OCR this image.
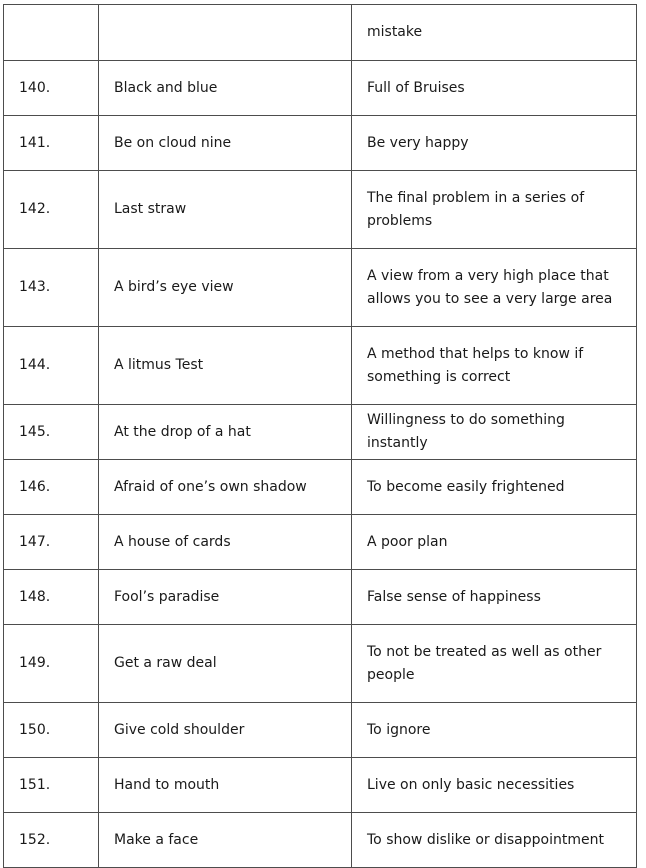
		mistake
140.	Black and blue	Full of Bruises
141.	Be on cloud nine	Be very happy
142.	Last straw	The final problem in a series of problems
143.	A bird’s eye view	A view from a very high place that allows you to see a very large area
144.	A litmus Test	A method that helps to know if something is correct
145.	At the drop of a hat	Willingness to do something instantly
146.	Afraid of one’s own shadow	To become easily frightened
147.	A house of cards	A poor plan
148.	Fool’s paradise	False sense of happiness
149.	Get a raw deal	To not be treated as well as other people
150.	Give cold shoulder	To ignore
151.	Hand to mouth	Live on only basic necessities
152.	Make a face	To show dislike or disappointment
